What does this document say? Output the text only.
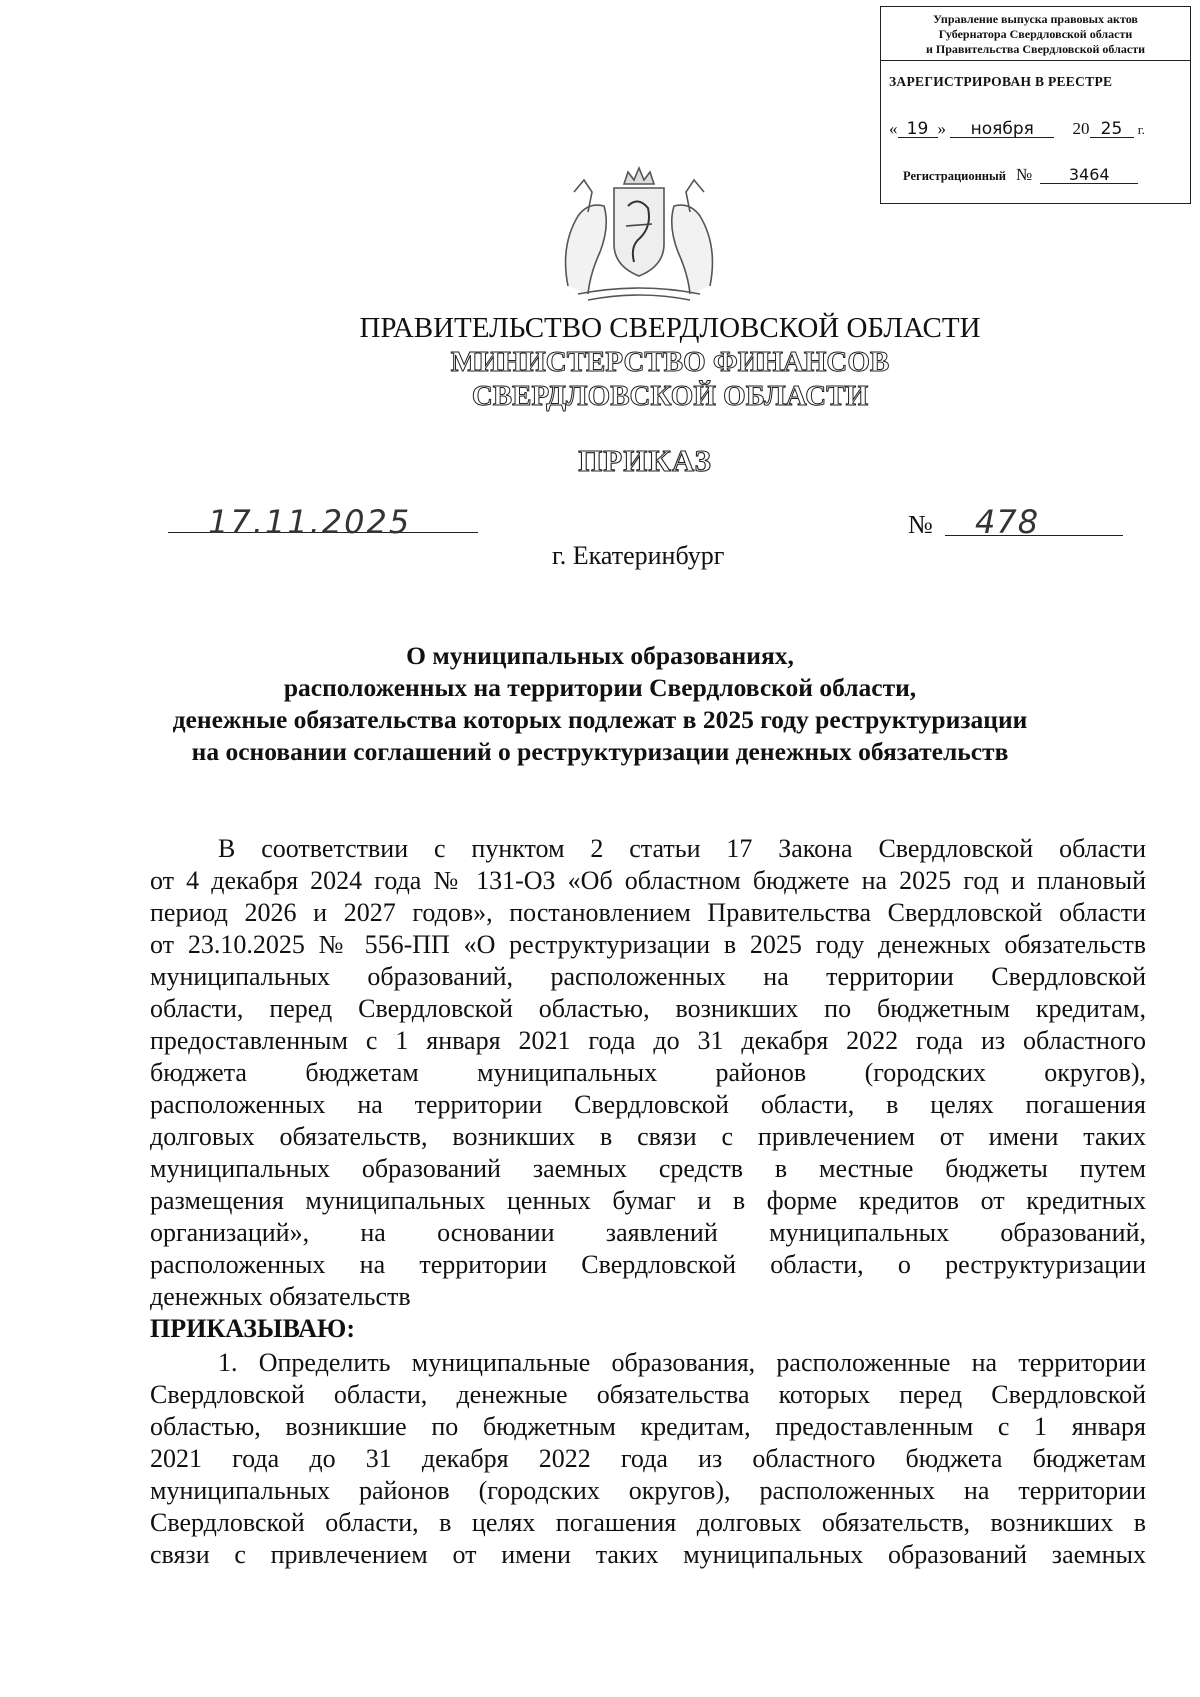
Управление выпуска правовых актов
Губернатора Свердловской области
и Правительства Свердловской области
ЗАРЕГИСТРИРОВАН В РЕЕСТРЕ
« 19 » ноября 20 25 г.
Регистрационный № 3464
ПРАВИТЕЛЬСТВО СВЕРДЛОВСКОЙ ОБЛАСТИ
МИНИСТЕРСТВО ФИНАНСОВ
СВЕРДЛОВСКОЙ ОБЛАСТИ
ПРИКАЗ
17.11.2025	№ 478
г. Екатеринбург
О муниципальных образованиях,
расположенных на территории Свердловской области,
денежные обязательства которых подлежат в 2025 году реструктуризации
на основании соглашений о реструктуризации денежных обязательств
В соответствии с пунктом 2 статьи 17 Закона Свердловской области
от 4 декабря 2024 года № 131-ОЗ «Об областном бюджете на 2025 год и плановый
период 2026 и 2027 годов», постановлением Правительства Свердловской области
от 23.10.2025 № 556-ПП «О реструктуризации в 2025 году денежных обязательств
муниципальных образований, расположенных на территории Свердловской
области, перед Свердловской областью, возникших по бюджетным кредитам,
предоставленным с 1 января 2021 года до 31 декабря 2022 года из областного
бюджета бюджетам муниципальных районов (городских округов),
расположенных на территории Свердловской области, в целях погашения
долговых обязательств, возникших в связи с привлечением от имени таких
муниципальных образований заемных средств в местные бюджеты путем
размещения муниципальных ценных бумаг и в форме кредитов от кредитных
организаций», на основании заявлений муниципальных образований,
расположенных на территории Свердловской области, о реструктуризации
денежных обязательств
ПРИКАЗЫВАЮ:
1. Определить муниципальные образования, расположенные на территории
Свердловской области, денежные обязательства которых перед Свердловской
областью, возникшие по бюджетным кредитам, предоставленным с 1 января
2021 года до 31 декабря 2022 года из областного бюджета бюджетам
муниципальных районов (городских округов), расположенных на территории
Свердловской области, в целях погашения долговых обязательств, возникших в
связи с привлечением от имени таких муниципальных образований заемных
